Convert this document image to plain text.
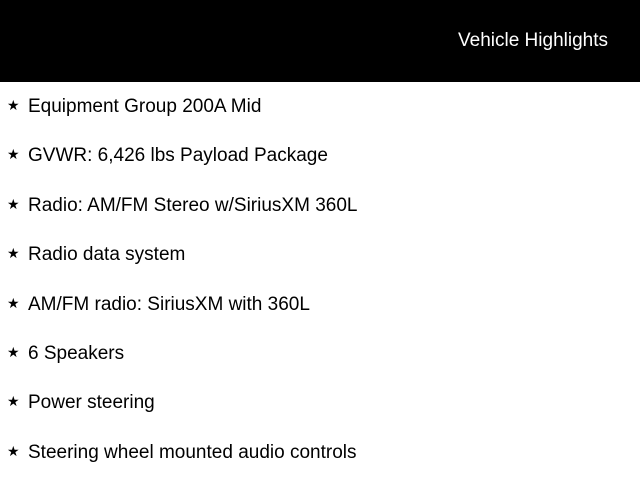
Vehicle Highlights
★ Equipment Group 200A Mid
★ GVWR: 6,426 lbs Payload Package
★ Radio: AM/FM Stereo w/SiriusXM 360L
★ Radio data system
★ AM/FM radio: SiriusXM with 360L
★ 6 Speakers
★ Power steering
★ Steering wheel mounted audio controls
